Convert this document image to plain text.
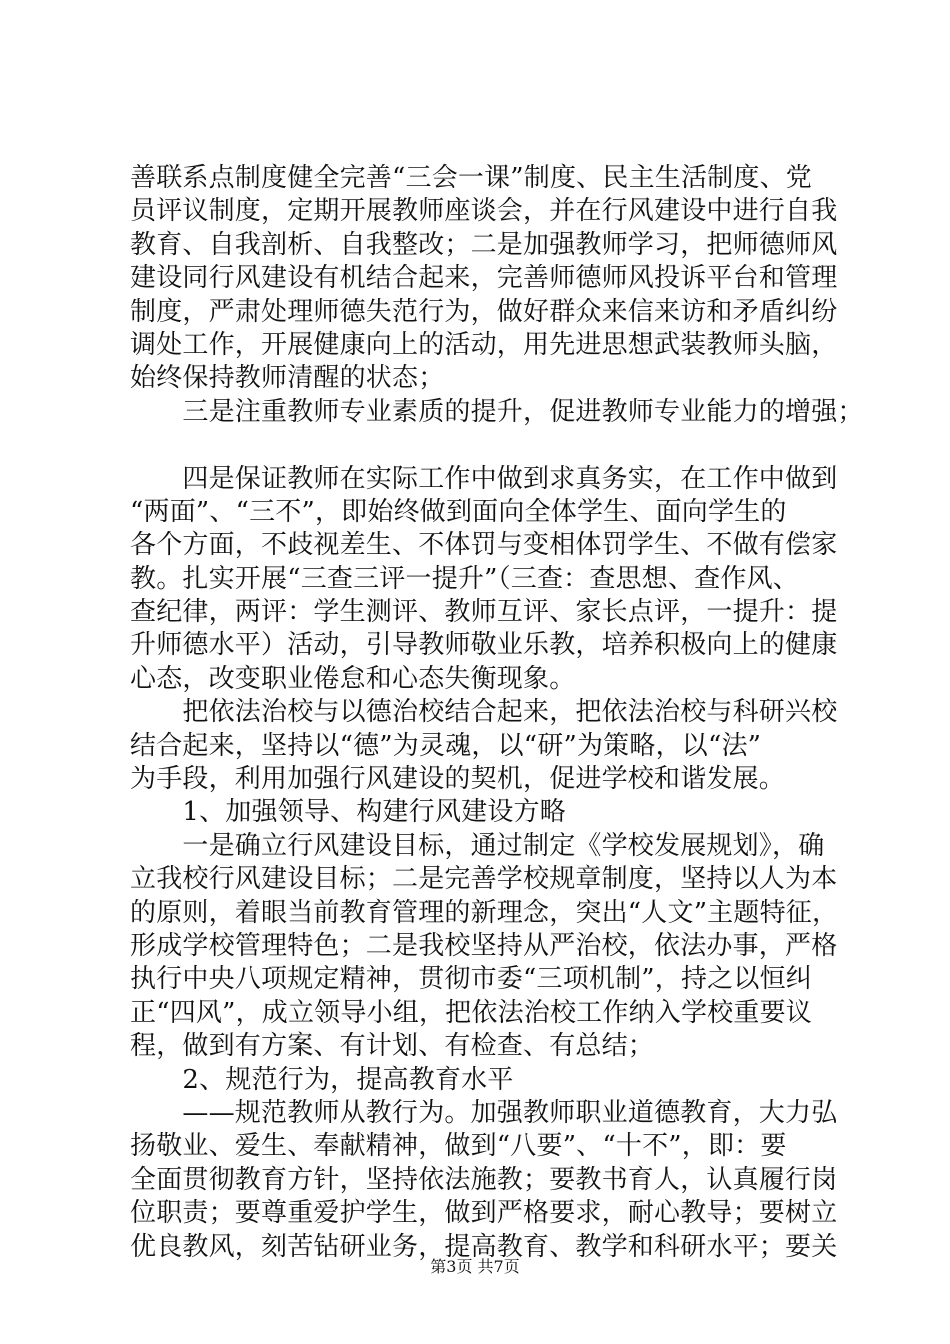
善联系点制度健全完善“三会一课”制度、民主生活制度、党
员评议制度，定期开展教师座谈会，并在行风建设中进行自我
教育、自我剖析、自我整改；二是加强教师学习，把师德师风
建设同行风建设有机结合起来，完善师德师风投诉平台和管理
制度，严肃处理师德失范行为，做好群众来信来访和矛盾纠纷
调处工作，开展健康向上的活动，用先进思想武装教师头脑，
始终保持教师清醒的状态；
　　三是注重教师专业素质的提升，促进教师专业能力的增强；
　　四是保证教师在实际工作中做到求真务实，在工作中做到
“两面”、“三不”，即始终做到面向全体学生、面向学生的
各个方面，不歧视差生、不体罚与变相体罚学生、不做有偿家
教。扎实开展“三查三评一提升”（三查：查思想、查作风、
查纪律，两评：学生测评、教师互评、家长点评，一提升：提
升师德水平）活动，引导教师敬业乐教，培养积极向上的健康
心态，改变职业倦怠和心态失衡现象。
　　把依法治校与以德治校结合起来，把依法治校与科研兴校
结合起来，坚持以“德”为灵魂，以“研”为策略，以“法”
为手段，利用加强行风建设的契机，促进学校和谐发展。
　　1、加强领导、构建行风建设方略
　　一是确立行风建设目标，通过制定《学校发展规划》，确
立我校行风建设目标；二是完善学校规章制度，坚持以人为本
的原则，着眼当前教育管理的新理念，突出“人文”主题特征，
形成学校管理特色；二是我校坚持从严治校，依法办事，严格
执行中央八项规定精神，贯彻市委“三项机制”，持之以恒纠
正“四风”，成立领导小组，把依法治校工作纳入学校重要议
程，做到有方案、有计划、有检查、有总结；
　　2、规范行为，提高教育水平
　　——规范教师从教行为。加强教师职业道德教育，大力弘
扬敬业、爱生、奉献精神，做到“八要”、“十不”，即：要
全面贯彻教育方针，坚持依法施教；要教书育人，认真履行岗
位职责；要尊重爱护学生，做到严格要求，耐心教导；要树立
优良教风，刻苦钻研业务，提高教育、教学和科研水平；要关
第3页 共7页
